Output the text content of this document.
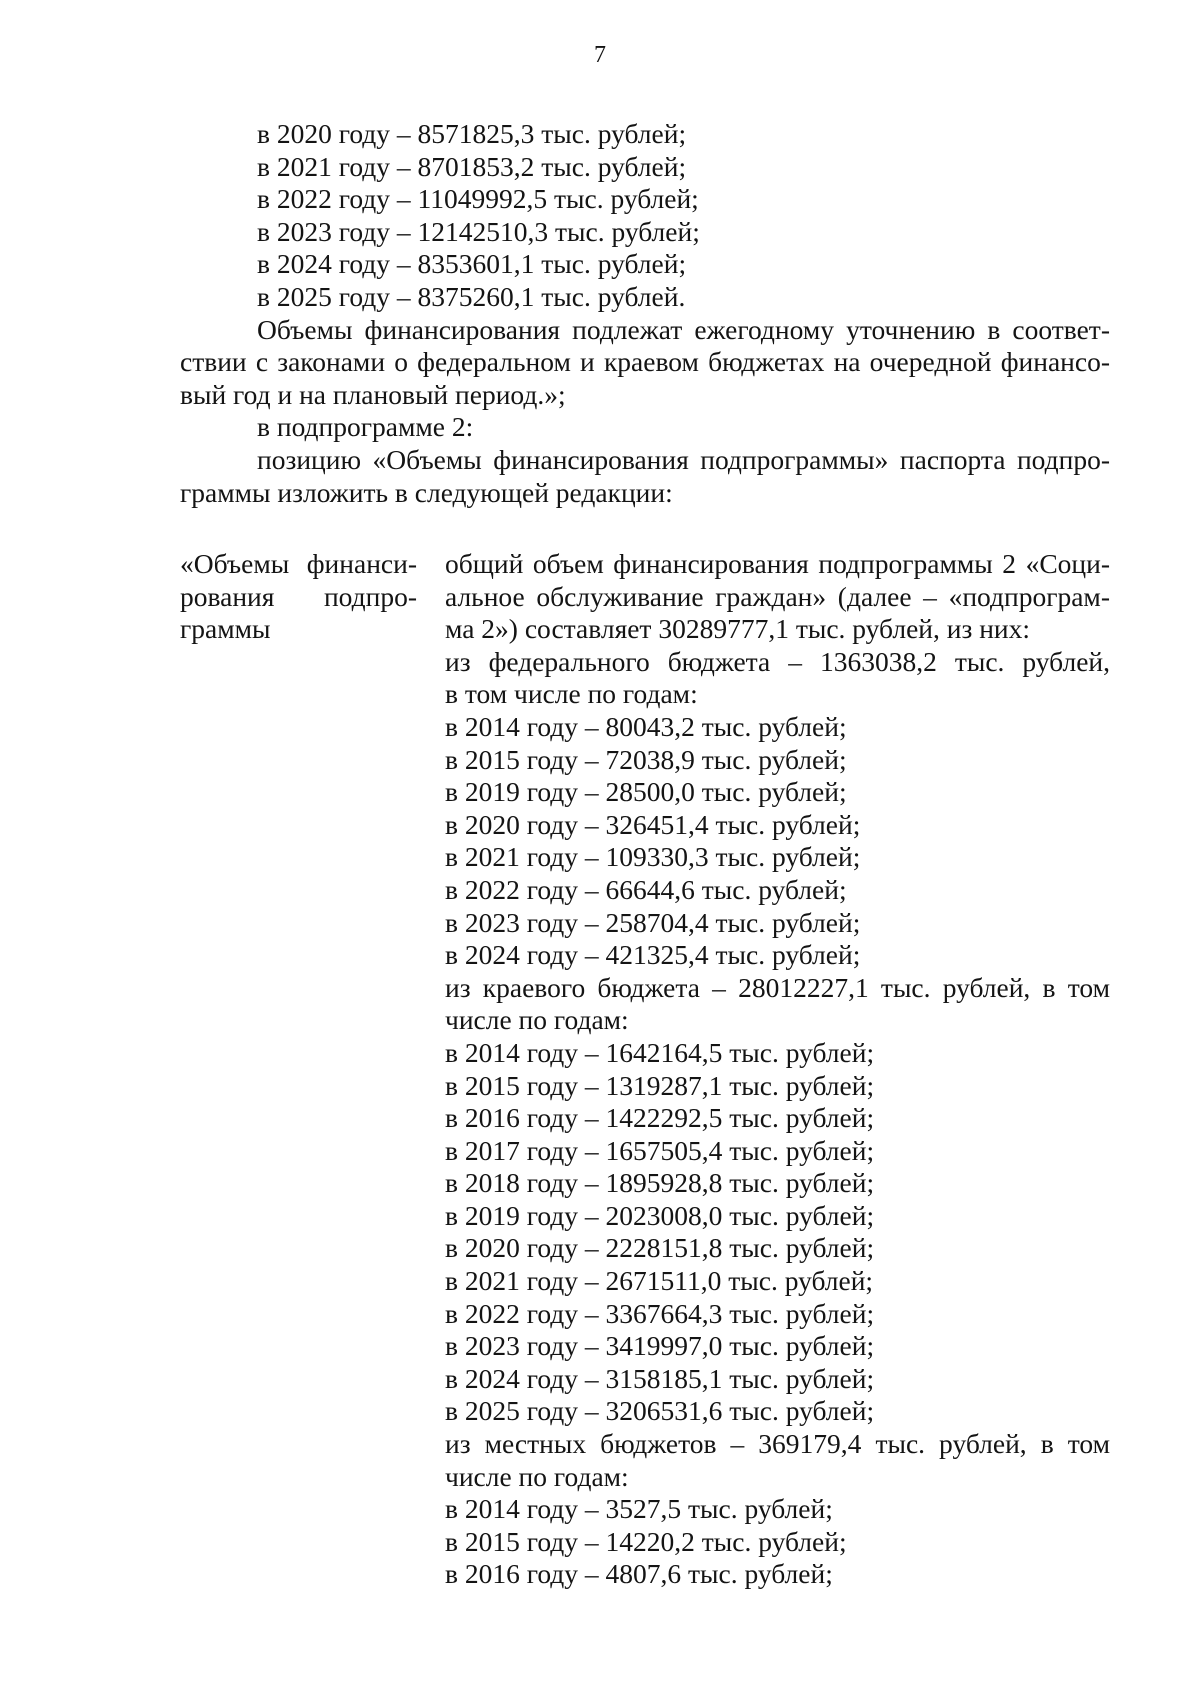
7
в 2020 году – 8571825,3 тыс. рублей;
в 2021 году – 8701853,2 тыс. рублей;
в 2022 году – 11049992,5 тыс. рублей;
в 2023 году – 12142510,3 тыс. рублей;
в 2024 году – 8353601,1 тыс. рублей;
в 2025 году – 8375260,1 тыс. рублей.
Объемы финансирования подлежат ежегодному уточнению в соответ-
ствии с законами о федеральном и краевом бюджетах на очередной финансо-
вый год и на плановый период.»;
в подпрограмме 2:
позицию «Объемы финансирования подпрограммы» паспорта подпро-
граммы изложить в следующей редакции:
«Объемы финанси-
рования подпро-
граммы
общий объем финансирования подпрограммы 2 «Соци-
альное обслуживание граждан» (далее – «подпрограм-
ма 2») составляет 30289777,1 тыс. рублей, из них:
из федерального бюджета – 1363038,2 тыс. рублей,
в том числе по годам:
в 2014 году – 80043,2 тыс. рублей;
в 2015 году – 72038,9 тыс. рублей;
в 2019 году – 28500,0 тыс. рублей;
в 2020 году – 326451,4 тыс. рублей;
в 2021 году – 109330,3 тыс. рублей;
в 2022 году – 66644,6 тыс. рублей;
в 2023 году – 258704,4 тыс. рублей;
в 2024 году – 421325,4 тыс. рублей;
из краевого бюджета – 28012227,1 тыс. рублей, в том
числе по годам:
в 2014 году – 1642164,5 тыс. рублей;
в 2015 году – 1319287,1 тыс. рублей;
в 2016 году – 1422292,5 тыс. рублей;
в 2017 году – 1657505,4 тыс. рублей;
в 2018 году – 1895928,8 тыс. рублей;
в 2019 году – 2023008,0 тыс. рублей;
в 2020 году – 2228151,8 тыс. рублей;
в 2021 году – 2671511,0 тыс. рублей;
в 2022 году – 3367664,3 тыс. рублей;
в 2023 году – 3419997,0 тыс. рублей;
в 2024 году – 3158185,1 тыс. рублей;
в 2025 году – 3206531,6 тыс. рублей;
из местных бюджетов – 369179,4 тыс. рублей, в том
числе по годам:
в 2014 году – 3527,5 тыс. рублей;
в 2015 году – 14220,2 тыс. рублей;
в 2016 году – 4807,6 тыс. рублей;
